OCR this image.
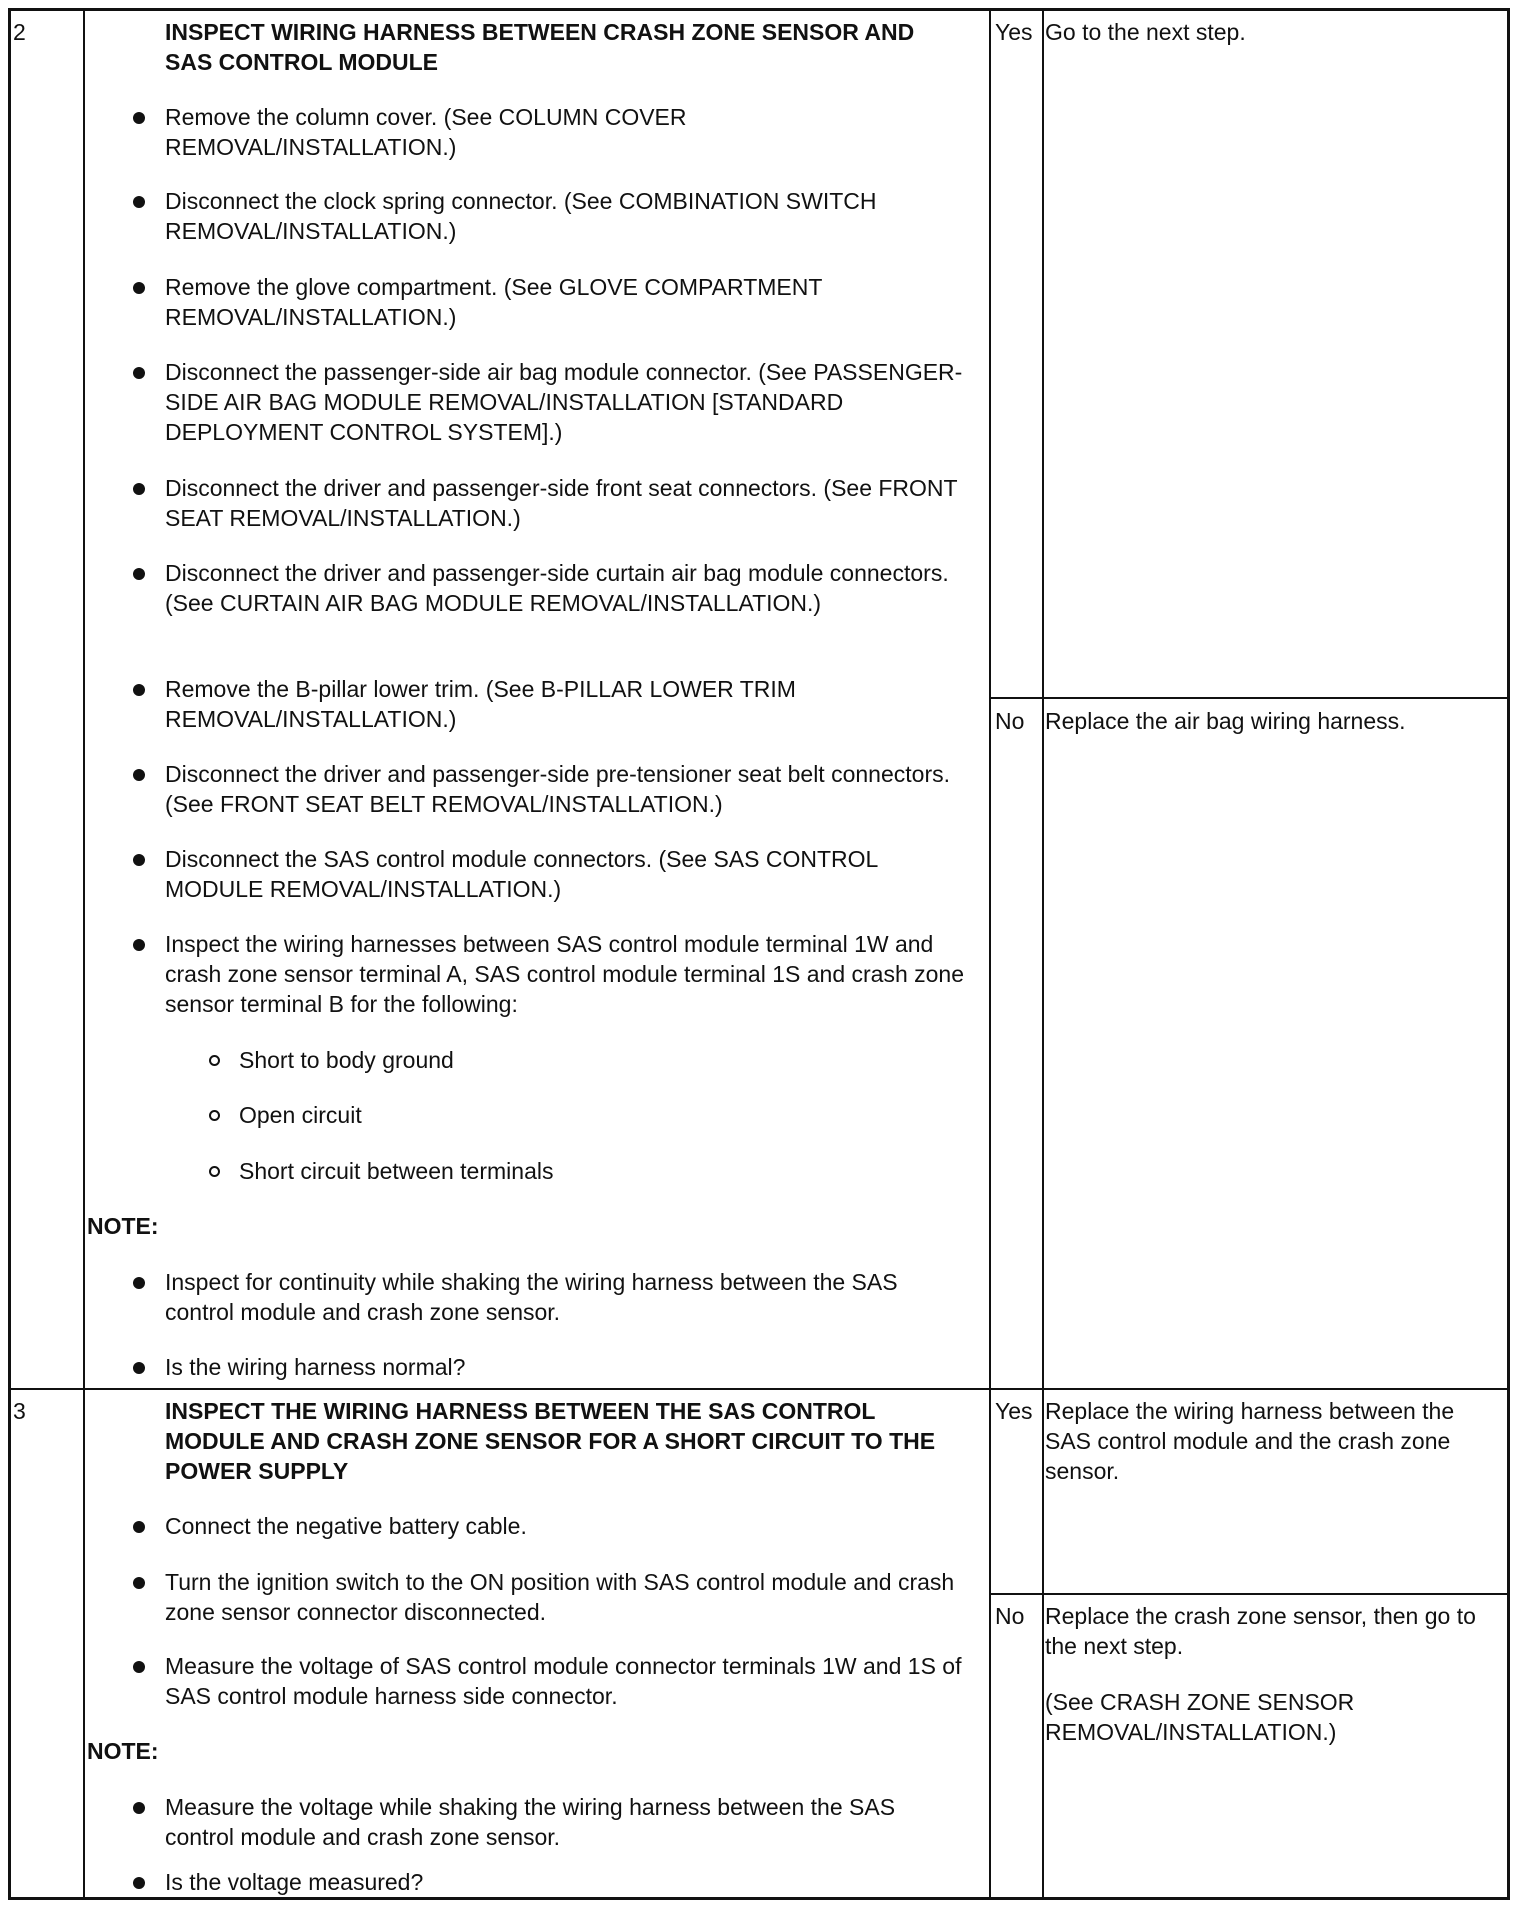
2	INSPECT WIRING HARNESS BETWEEN CRASH ZONE SENSOR AND SAS CONTROL MODULE
Remove the column cover. (See COLUMN COVER REMOVAL/INSTALLATION.)
Disconnect the clock spring connector. (See COMBINATION SWITCH REMOVAL/INSTALLATION.)
Remove the glove compartment. (See GLOVE COMPARTMENT REMOVAL/INSTALLATION.)
Disconnect the passenger-side air bag module connector. (See PASSENGER-SIDE AIR BAG MODULE REMOVAL/INSTALLATION [STANDARD DEPLOYMENT CONTROL SYSTEM].)
Disconnect the driver and passenger-side front seat connectors. (See FRONT SEAT REMOVAL/INSTALLATION.)
Disconnect the driver and passenger-side curtain air bag module connectors. (See CURTAIN AIR BAG MODULE REMOVAL/INSTALLATION.)
Remove the B-pillar lower trim. (See B-PILLAR LOWER TRIM REMOVAL/INSTALLATION.)
Disconnect the driver and passenger-side pre-tensioner seat belt connectors. (See FRONT SEAT BELT REMOVAL/INSTALLATION.)
Disconnect the SAS control module connectors. (See SAS CONTROL MODULE REMOVAL/INSTALLATION.)
Inspect the wiring harnesses between SAS control module terminal 1W and crash zone sensor terminal A, SAS control module terminal 1S and crash zone sensor terminal B for the following:
Short to body ground
Open circuit
Short circuit between terminals
NOTE:
Inspect for continuity while shaking the wiring harness between the SAS control module and crash zone sensor.
Is the wiring harness normal?
Yes Go to the next step.
No Replace the air bag wiring harness.
3	INSPECT THE WIRING HARNESS BETWEEN THE SAS CONTROL MODULE AND CRASH ZONE SENSOR FOR A SHORT CIRCUIT TO THE POWER SUPPLY
Connect the negative battery cable.
Turn the ignition switch to the ON position with SAS control module and crash zone sensor connector disconnected.
Measure the voltage of SAS control module connector terminals 1W and 1S of SAS control module harness side connector.
NOTE:
Measure the voltage while shaking the wiring harness between the SAS control module and crash zone sensor.
Is the voltage measured?
Yes Replace the wiring harness between the SAS control module and the crash zone sensor.
No Replace the crash zone sensor, then go to the next step.
(See CRASH ZONE SENSOR REMOVAL/INSTALLATION.)
